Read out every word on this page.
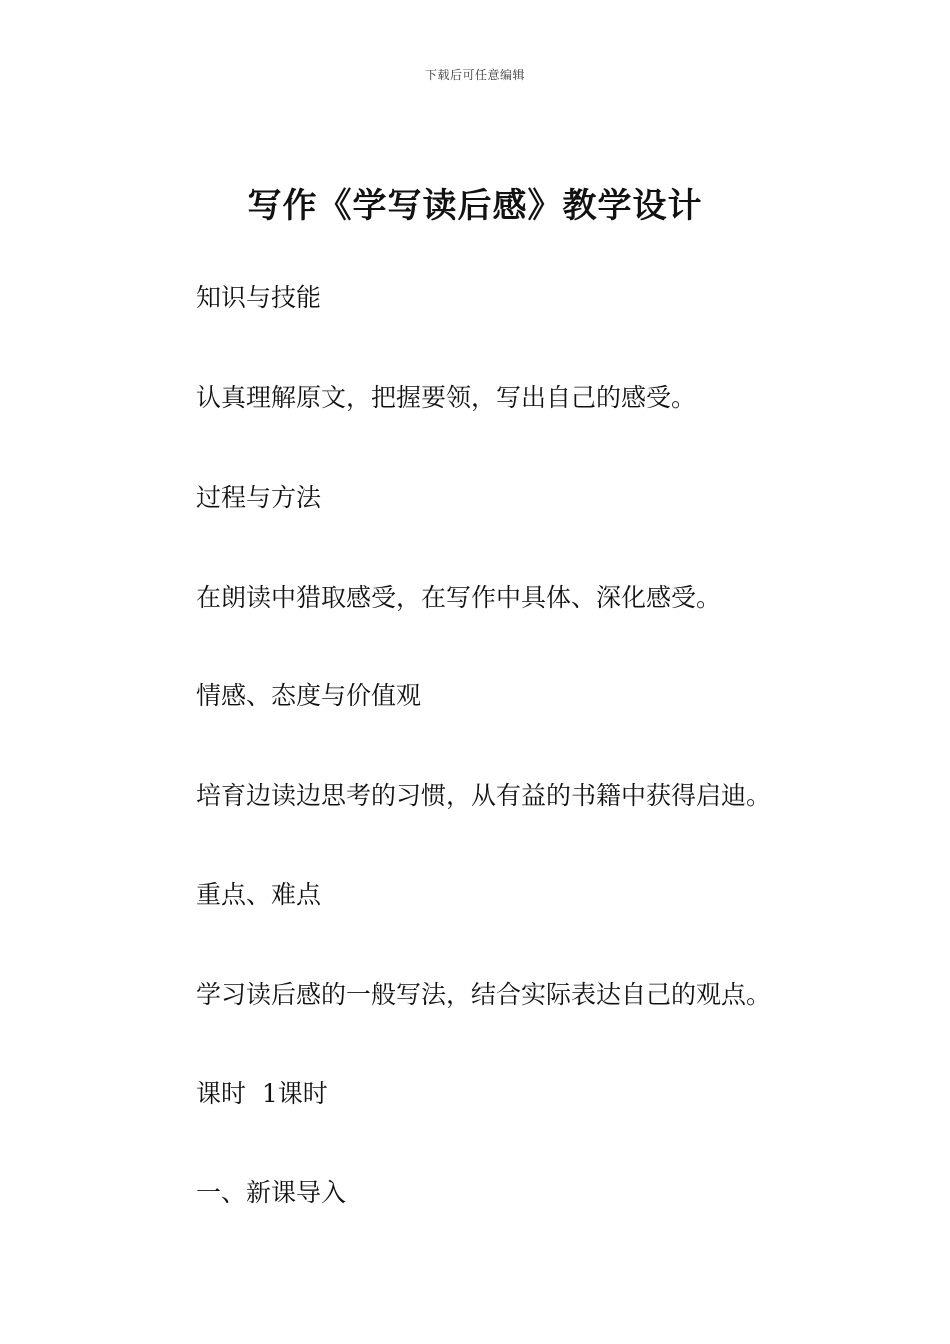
下载后可任意编辑
写作《学写读后感》教学设计
知识与技能
认真理解原文，把握要领，写出自己的感受。
过程与方法
在朗读中猎取感受，在写作中具体、深化感受。
情感、态度与价值观
培育边读边思考的习惯，从有益的书籍中获得启迪。
重点、难点
学习读后感的一般写法，结合实际表达自己的观点。
课时  1课时
一、新课导入
